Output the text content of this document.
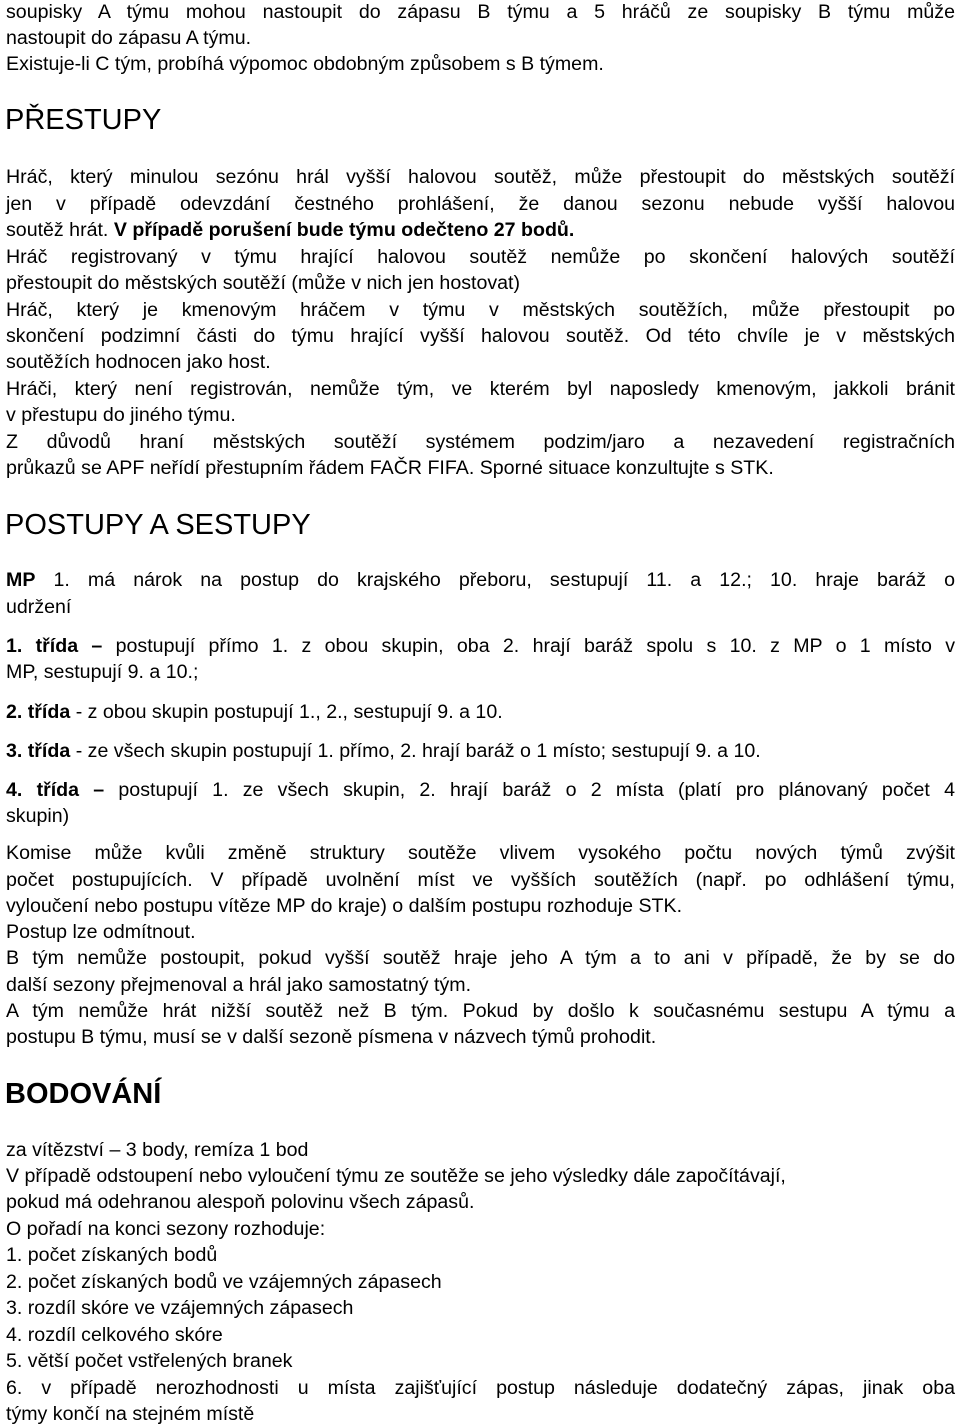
soupisky A týmu mohou nastoupit do zápasu B týmu a 5 hráčů ze soupisky B týmu může
nastoupit do zápasu A týmu.
Existuje-li C tým, probíhá výpomoc obdobným způsobem s B týmem.
PŘESTUPY
Hráč, který minulou sezónu hrál vyšší halovou soutěž, může přestoupit do městských soutěží
jen v případě odevzdání čestného prohlášení, že danou sezonu nebude vyšší halovou
soutěž hrát. V případě porušení bude týmu odečteno 27 bodů.
Hráč registrovaný v týmu hrající halovou soutěž nemůže po skončení halových soutěží
přestoupit do městských soutěží (může v nich jen hostovat)
Hráč, který je kmenovým hráčem v týmu v městských soutěžích, může přestoupit po
skončení podzimní části do týmu hrající vyšší halovou soutěž. Od této chvíle je v městských
soutěžích hodnocen jako host.
Hráči, který není registrován, nemůže tým, ve kterém byl naposledy kmenovým, jakkoli bránit
v přestupu do jiného týmu.
Z důvodů hraní městských soutěží systémem podzim/jaro a nezavedení registračních
průkazů se APF neřídí přestupním řádem FAČR FIFA. Sporné situace konzultujte s STK.
POSTUPY A SESTUPY
MP 1. má nárok na postup do krajského přeboru, sestupují 11. a 12.; 10. hraje baráž o
udržení
1. třída – postupují přímo 1. z obou skupin, oba 2. hrají baráž spolu s 10. z MP o 1 místo v
MP, sestupují 9. a 10.;
2. třída - z obou skupin postupují 1., 2., sestupují 9. a 10.
3. třída - ze všech skupin postupují 1. přímo, 2. hrají baráž o 1 místo; sestupují 9. a 10.
4. třída – postupují 1. ze všech skupin, 2. hrají baráž o 2 místa (platí pro plánovaný počet 4
skupin)
Komise může kvůli změně struktury soutěže vlivem vysokého počtu nových týmů zvýšit
počet postupujících. V případě uvolnění míst ve vyšších soutěžích (např. po odhlášení týmu,
vyloučení nebo postupu vítěze MP do kraje) o dalším postupu rozhoduje STK.
Postup lze odmítnout.
B tým nemůže postoupit, pokud vyšší soutěž hraje jeho A tým a to ani v případě, že by se do
další sezony přejmenoval a hrál jako samostatný tým.
A tým nemůže hrát nižší soutěž než B tým. Pokud by došlo k současnému sestupu A týmu a
postupu B týmu, musí se v další sezoně písmena v názvech týmů prohodit.
BODOVÁNÍ
za vítězství – 3 body, remíza 1 bod
V případě odstoupení nebo vyloučení týmu ze soutěže se jeho výsledky dále započítávají,
pokud má odehranou alespoň polovinu všech zápasů.
O pořadí na konci sezony rozhoduje:
1. počet získaných bodů
2. počet získaných bodů ve vzájemných zápasech
3. rozdíl skóre ve vzájemných zápasech
4. rozdíl celkového skóre
5. větší počet vstřelených branek
6. v případě nerozhodnosti u místa zajišťující postup následuje dodatečný zápas, jinak oba
týmy končí na stejném místě
